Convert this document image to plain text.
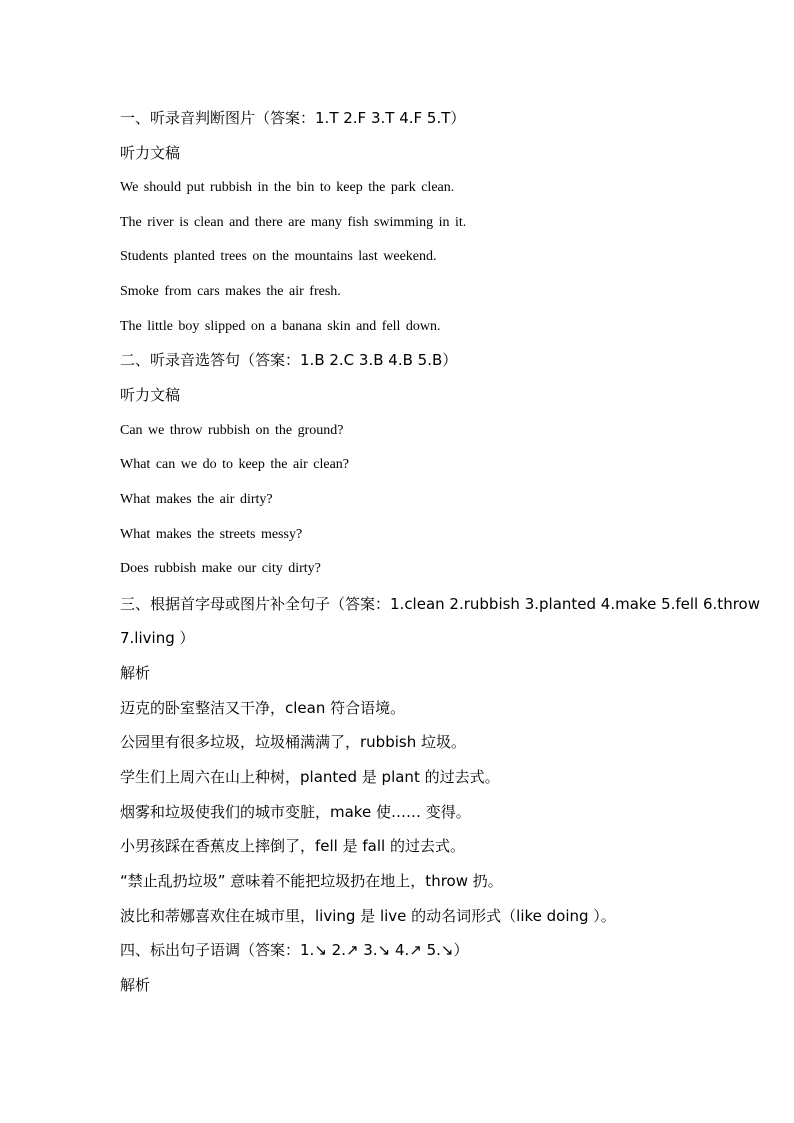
一、听录音判断图片（答案：1.T 2.F 3.T 4.F 5.T）
听力文稿
We should put rubbish in the bin to keep the park clean.
The river is clean and there are many fish swimming in it.
Students planted trees on the mountains last weekend.
Smoke from cars makes the air fresh.
The little boy slipped on a banana skin and fell down.
二、听录音选答句（答案：1.B 2.C 3.B 4.B 5.B）
听力文稿
Can we throw rubbish on the ground?
What can we do to keep the air clean?
What makes the air dirty?
What makes the streets messy?
Does rubbish make our city dirty?
三、根据首字母或图片补全句子（答案：1.clean 2.rubbish 3.planted 4.make 5.fell 6.throw
7.living ）
解析
迈克的卧室整洁又干净，clean 符合语境。
公园里有很多垃圾，垃圾桶满满了，rubbish 垃圾。
学生们上周六在山上种树，planted 是 plant 的过去式。
烟雾和垃圾使我们的城市变脏，make 使…… 变得。
小男孩踩在香蕉皮上摔倒了，fell 是 fall 的过去式。
“禁止乱扔垃圾” 意味着不能把垃圾扔在地上，throw 扔。
波比和蒂娜喜欢住在城市里，living 是 live 的动名词形式（like doing ）。
四、标出句子语调（答案：1.↘ 2.↗ 3.↘ 4.↗ 5.↘）
解析
